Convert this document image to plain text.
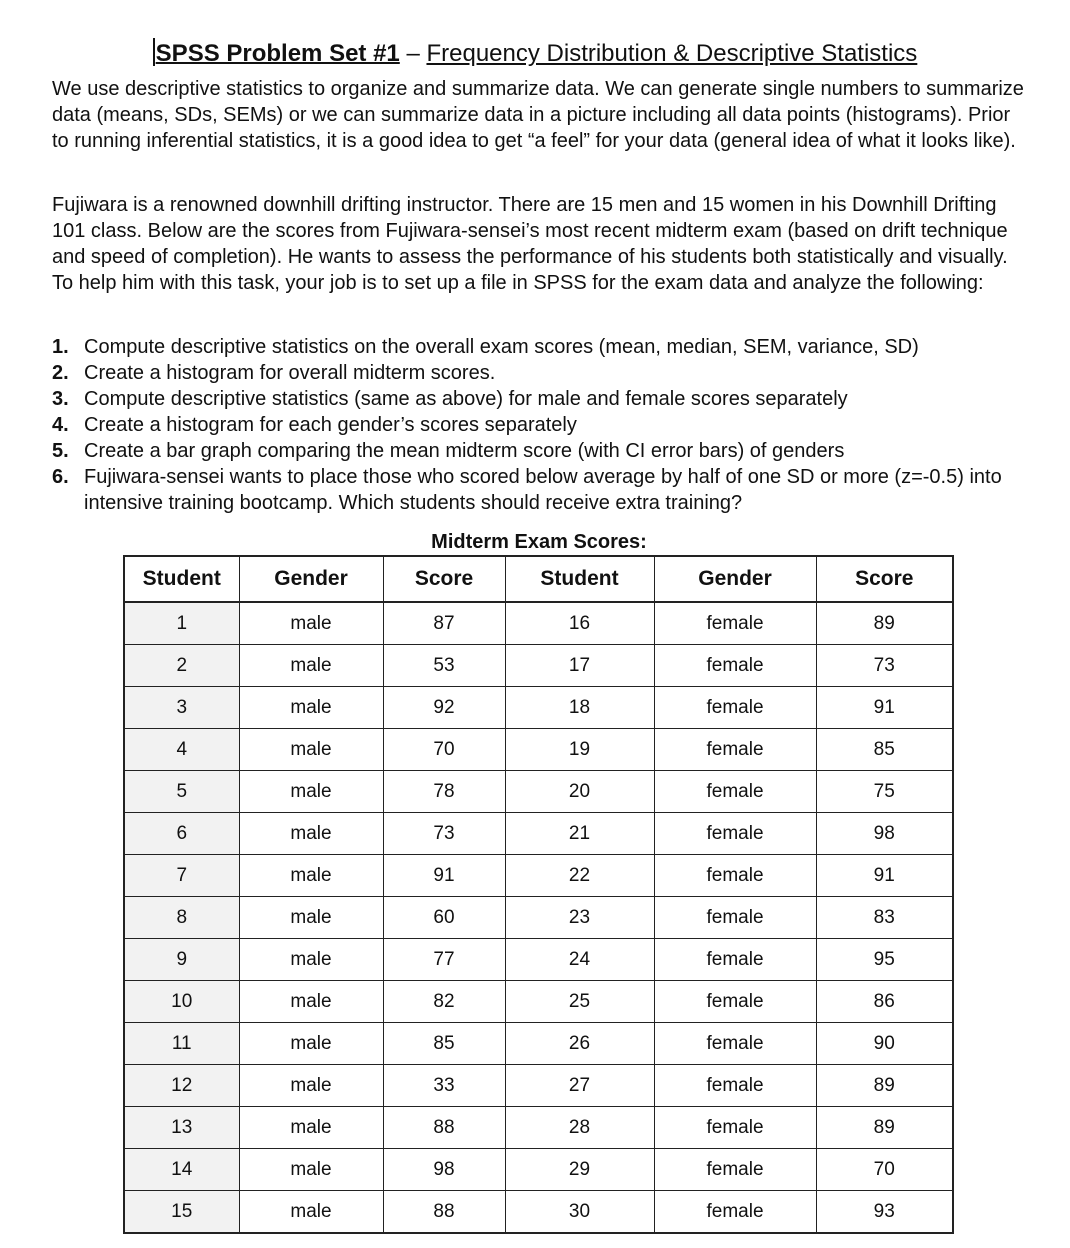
SPSS Problem Set #1 – Frequency Distribution & Descriptive Statistics

We use descriptive statistics to organize and summarize data. We can generate single numbers to summarize data (means, SDs, SEMs) or we can summarize data in a picture including all data points (histograms). Prior to running inferential statistics, it is a good idea to get “a feel” for your data (general idea of what it looks like).

Fujiwara is a renowned downhill drifting instructor. There are 15 men and 15 women in his Downhill Drifting 101 class. Below are the scores from Fujiwara-sensei’s most recent midterm exam (based on drift technique and speed of completion). He wants to assess the performance of his students both statistically and visually. To help him with this task, your job is to set up a file in SPSS for the exam data and analyze the following:

1. Compute descriptive statistics on the overall exam scores (mean, median, SEM, variance, SD)
2. Create a histogram for overall midterm scores.
3. Compute descriptive statistics (same as above) for male and female scores separately
4. Create a histogram for each gender’s scores separately
5. Create a bar graph comparing the mean midterm score (with CI error bars) of genders
6. Fujiwara-sensei wants to place those who scored below average by half of one SD or more (z=-0.5) into intensive training bootcamp. Which students should receive extra training?
Midterm Exam Scores:
Student	Gender	Score	Student	Gender	Score
1	male	87	16	female	89
2	male	53	17	female	73
3	male	92	18	female	91
4	male	70	19	female	85
5	male	78	20	female	75
6	male	73	21	female	98
7	male	91	22	female	91
8	male	60	23	female	83
9	male	77	24	female	95
10	male	82	25	female	86
11	male	85	26	female	90
12	male	33	27	female	89
13	male	88	28	female	89
14	male	98	29	female	70
15	male	88	30	female	93
